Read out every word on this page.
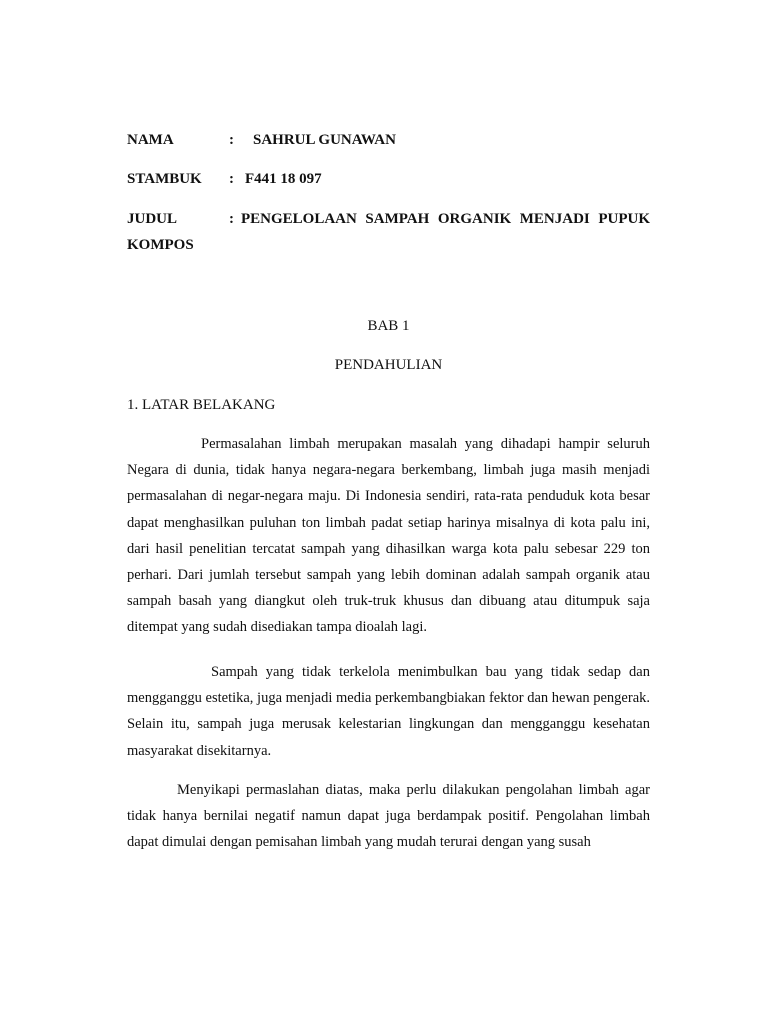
NAMA	: SAHRUL GUNAWAN
STAMBUK : F441 18 097
JUDUL	: PENGELOLAAN SAMPAH ORGANIK MENJADI PUPUK KOMPOS
BAB 1
PENDAHULIAN
1. LATAR BELAKANG

Permasalahan limbah merupakan masalah yang dihadapi hampir seluruh Negara di dunia, tidak hanya negara-negara berkembang, limbah juga masih menjadi permasalahan di negar-negara maju. Di Indonesia sendiri, rata-rata penduduk kota besar dapat menghasilkan puluhan ton limbah padat setiap harinya misalnya di kota palu ini, dari hasil penelitian tercatat sampah yang dihasilkan warga kota palu sebesar 229 ton perhari. Dari jumlah tersebut sampah yang lebih dominan adalah sampah organik atau sampah basah yang diangkut oleh truk-truk khusus dan dibuang atau ditumpuk saja ditempat yang sudah disediakan tampa dioalah lagi.

Sampah yang tidak terkelola menimbulkan bau yang tidak sedap dan mengganggu estetika, juga menjadi media perkembangbiakan fektor dan hewan pengerak. Selain itu, sampah juga merusak kelestarian lingkungan dan mengganggu kesehatan masyarakat disekitarnya.

Menyikapi permaslahan diatas, maka perlu dilakukan pengolahan limbah agar tidak hanya bernilai negatif namun dapat juga berdampak positif. Pengolahan limbah dapat dimulai dengan pemisahan limbah yang mudah terurai dengan yang susah
